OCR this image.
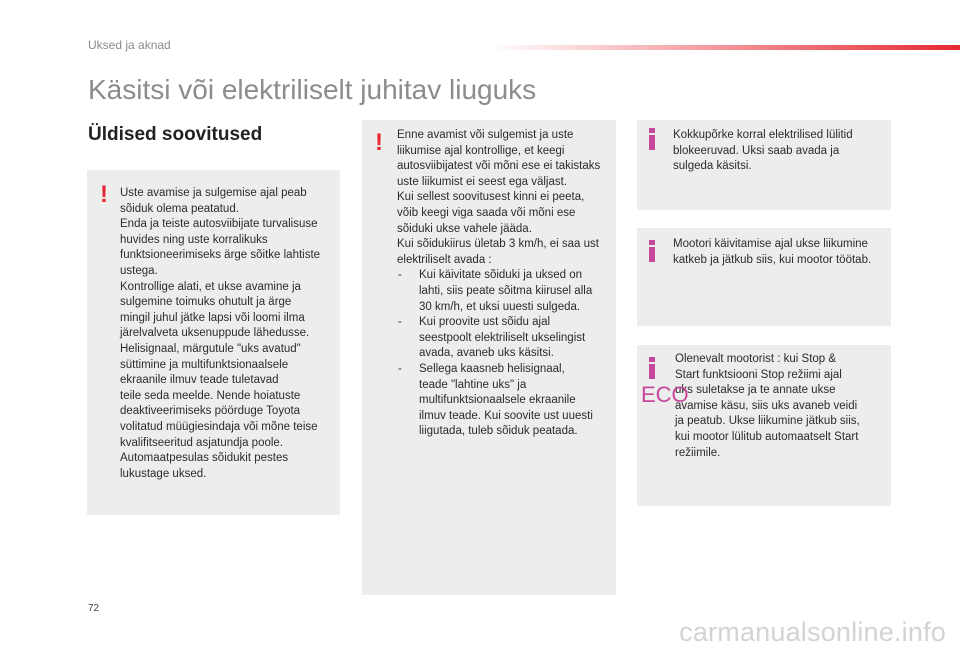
Uksed ja aknad
Käsitsi või elektriliselt juhitav liuguks
Üldised soovitused
! Uste avamise ja sulgemise ajal peab

sõiduk olema peatatud.

Enda ja teiste autosviibijate turvalisuse

huvides ning uste korralikuks

funktsioneerimiseks ärge sõitke lahtiste

ustega.

Kontrollige alati, et ukse avamine ja

sulgemine toimuks ohutult ja ärge

mingil juhul jätke lapsi või loomi ilma

järelvalveta uksenuppude lähedusse.

Helisignaal, märgutule "uks avatud"

süttimine ja multifunktsionaalsele

ekraanile ilmuv teade tuletavad

teile seda meelde. Nende hoiatuste

deaktiveerimiseks pöörduge Toyota

volitatud müügiesindaja või mõne teise

kvalifitseeritud asjatundja poole.

Automaatpesulas sõidukit pestes

lukustage uksed.

! Enne avamist või sulgemist ja uste

liikumise ajal kontrollige, et keegi

autosviibijatest või mõni ese ei takistaks

uste liikumist ei seest ega väljast.

Kui sellest soovitusest kinni ei peeta,

võib keegi viga saada või mõni ese

sõiduki ukse vahele jääda.

Kui sõidukiirus ületab 3 km/h, ei saa ust

elektriliselt avada :

- Kui käivitate sõiduki ja uksed on
lahti, siis peate sõitma kiirusel alla
30 km/h, et uksi uuesti sulgeda.
- Kui proovite ust sõidu ajal
seestpoolt elektriliselt ukselingist
avada, avaneb uks käsitsi.
- Sellega kaasneb helisignaal,
teade "lahtine uks" ja
multifunktsionaalsele ekraanile
ilmuv teade. Kui soovite ust uuesti
liigutada, tuleb sõiduk peatada.

Kokkupõrke korral elektrilised lülitid

blokeeruvad. Uksi saab avada ja

sulgeda käsitsi.

Mootori käivitamise ajal ukse liikumine

katkeb ja jätkub siis, kui mootor töötab.

Olenevalt mootorist : kui Stop &

Start funktsiooni Stop režiimi ajal

uks suletakse ja te annate ukse

avamise käsu, siis uks avaneb veidi

ja peatub. Ukse liikumine jätkub siis,

kui mootor lülitub automaatselt Start

režiimile.

ECO
72
carmanualsonline.info
